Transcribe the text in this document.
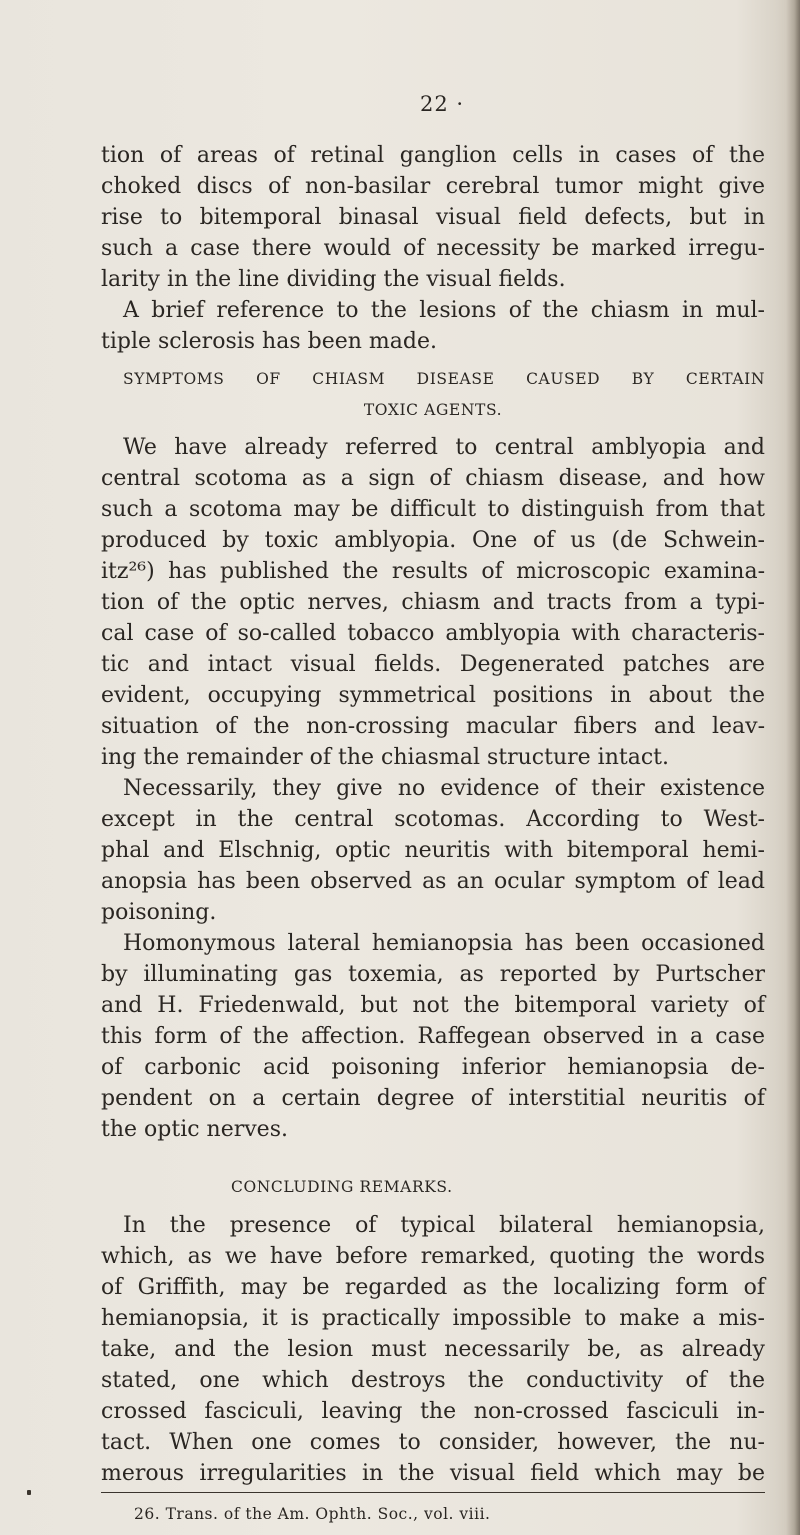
22 ·
tion of areas of retinal ganglion cells in cases of the
choked discs of non-basilar cerebral tumor might give
rise to bitemporal binasal visual field defects, but in
such a case there would of necessity be marked irregu-
larity in the line dividing the visual fields.
A brief reference to the lesions of the chiasm in mul-
tiple sclerosis has been made.
SYMPTOMS OF CHIASM DISEASE CAUSED BY CERTAIN
TOXIC AGENTS.
We have already referred to central amblyopia and
central scotoma as a sign of chiasm disease, and how
such a scotoma may be difficult to distinguish from that
produced by toxic amblyopia. One of us (de Schwein-
itz²⁶) has published the results of microscopic examina-
tion of the optic nerves, chiasm and tracts from a typi-
cal case of so-called tobacco amblyopia with characteris-
tic and intact visual fields. Degenerated patches are
evident, occupying symmetrical positions in about the
situation of the non-crossing macular fibers and leav-
ing the remainder of the chiasmal structure intact.
Necessarily, they give no evidence of their existence
except in the central scotomas. According to West-
phal and Elschnig, optic neuritis with bitemporal hemi-
anopsia has been observed as an ocular symptom of lead
poisoning.
Homonymous lateral hemianopsia has been occasioned
by illuminating gas toxemia, as reported by Purtscher
and H. Friedenwald, but not the bitemporal variety of
this form of the affection. Raffegean observed in a case
of carbonic acid poisoning inferior hemianopsia de-
pendent on a certain degree of interstitial neuritis of
the optic nerves.
CONCLUDING REMARKS.
In the presence of typical bilateral hemianopsia,
which, as we have before remarked, quoting the words
of Griffith, may be regarded as the localizing form of
hemianopsia, it is practically impossible to make a mis-
take, and the lesion must necessarily be, as already
stated, one which destroys the conductivity of the
crossed fasciculi, leaving the non-crossed fasciculi in-
tact. When one comes to consider, however, the nu-
merous irregularities in the visual field which may be
26. Trans. of the Am. Ophth. Soc., vol. viii.
